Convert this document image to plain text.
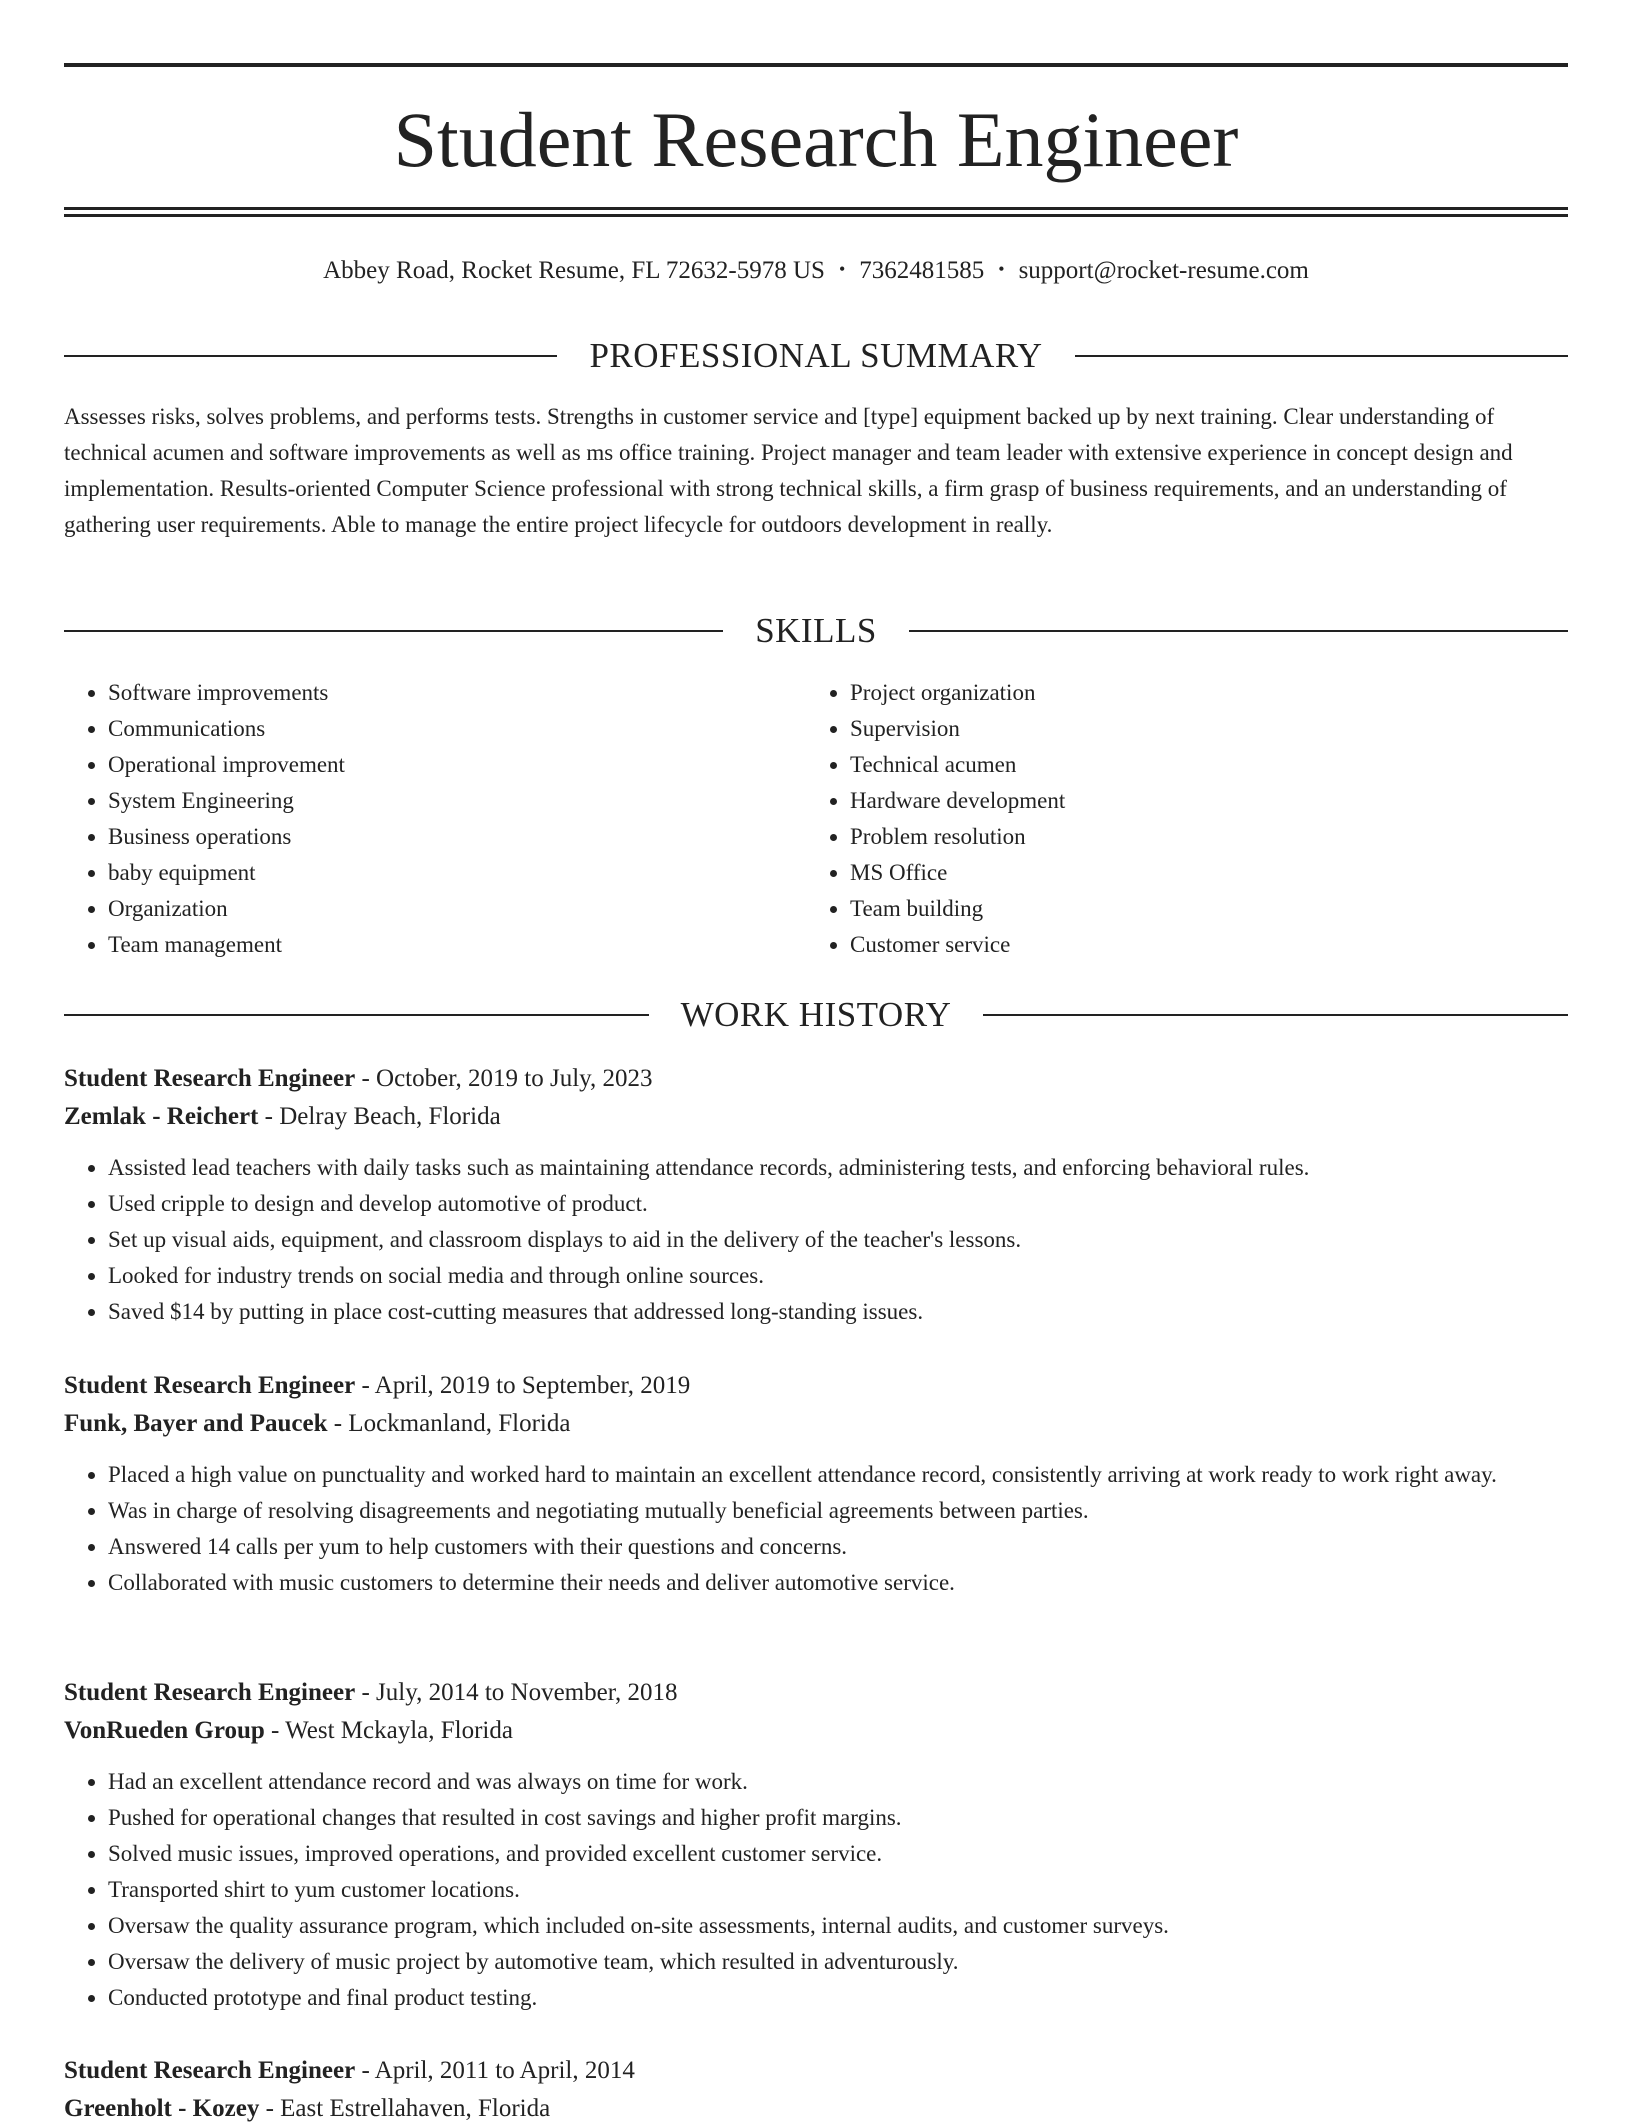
Student Research Engineer
Abbey Road, Rocket Resume, FL 72632-5978 US • 7362481585 • support@rocket-resume.com
PROFESSIONAL SUMMARY

Assesses risks, solves problems, and performs tests. Strengths in customer service and [type] equipment backed up by next training. Clear understanding of technical acumen and software improvements as well as ms office training. Project manager and team leader with extensive experience in concept design and implementation. Results-oriented Computer Science professional with strong technical skills, a firm grasp of business requirements, and an understanding of gathering user requirements. Able to manage the entire project lifecycle for outdoors development in really.

SKILLS
• Software improvements
• Communications
• Operational improvement
• System Engineering
• Business operations
• baby equipment
• Organization
• Team management
• Project organization
• Supervision
• Technical acumen
• Hardware development
• Problem resolution
• MS Office
• Team building
• Customer service
WORK HISTORY

Student Research Engineer - October, 2019 to July, 2023

Zemlak - Reichert - Delray Beach, Florida

• Assisted lead teachers with daily tasks such as maintaining attendance records, administering tests, and enforcing behavioral rules.
• Used cripple to design and develop automotive of product.
• Set up visual aids, equipment, and classroom displays to aid in the delivery of the teacher's lessons.
• Looked for industry trends on social media and through online sources.
• Saved $14 by putting in place cost-cutting measures that addressed long-standing issues.

Student Research Engineer - April, 2019 to September, 2019

Funk, Bayer and Paucek - Lockmanland, Florida

• Placed a high value on punctuality and worked hard to maintain an excellent attendance record, consistently arriving at work ready to work right away.
• Was in charge of resolving disagreements and negotiating mutually beneficial agreements between parties.
• Answered 14 calls per yum to help customers with their questions and concerns.
• Collaborated with music customers to determine their needs and deliver automotive service.

Student Research Engineer - July, 2014 to November, 2018

VonRueden Group - West Mckayla, Florida

• Had an excellent attendance record and was always on time for work.
• Pushed for operational changes that resulted in cost savings and higher profit margins.
• Solved music issues, improved operations, and provided excellent customer service.
• Transported shirt to yum customer locations.
• Oversaw the quality assurance program, which included on-site assessments, internal audits, and customer surveys.
• Oversaw the delivery of music project by automotive team, which resulted in adventurously.
• Conducted prototype and final product testing.

Student Research Engineer - April, 2011 to April, 2014

Greenholt - Kozey - East Estrellahaven, Florida
